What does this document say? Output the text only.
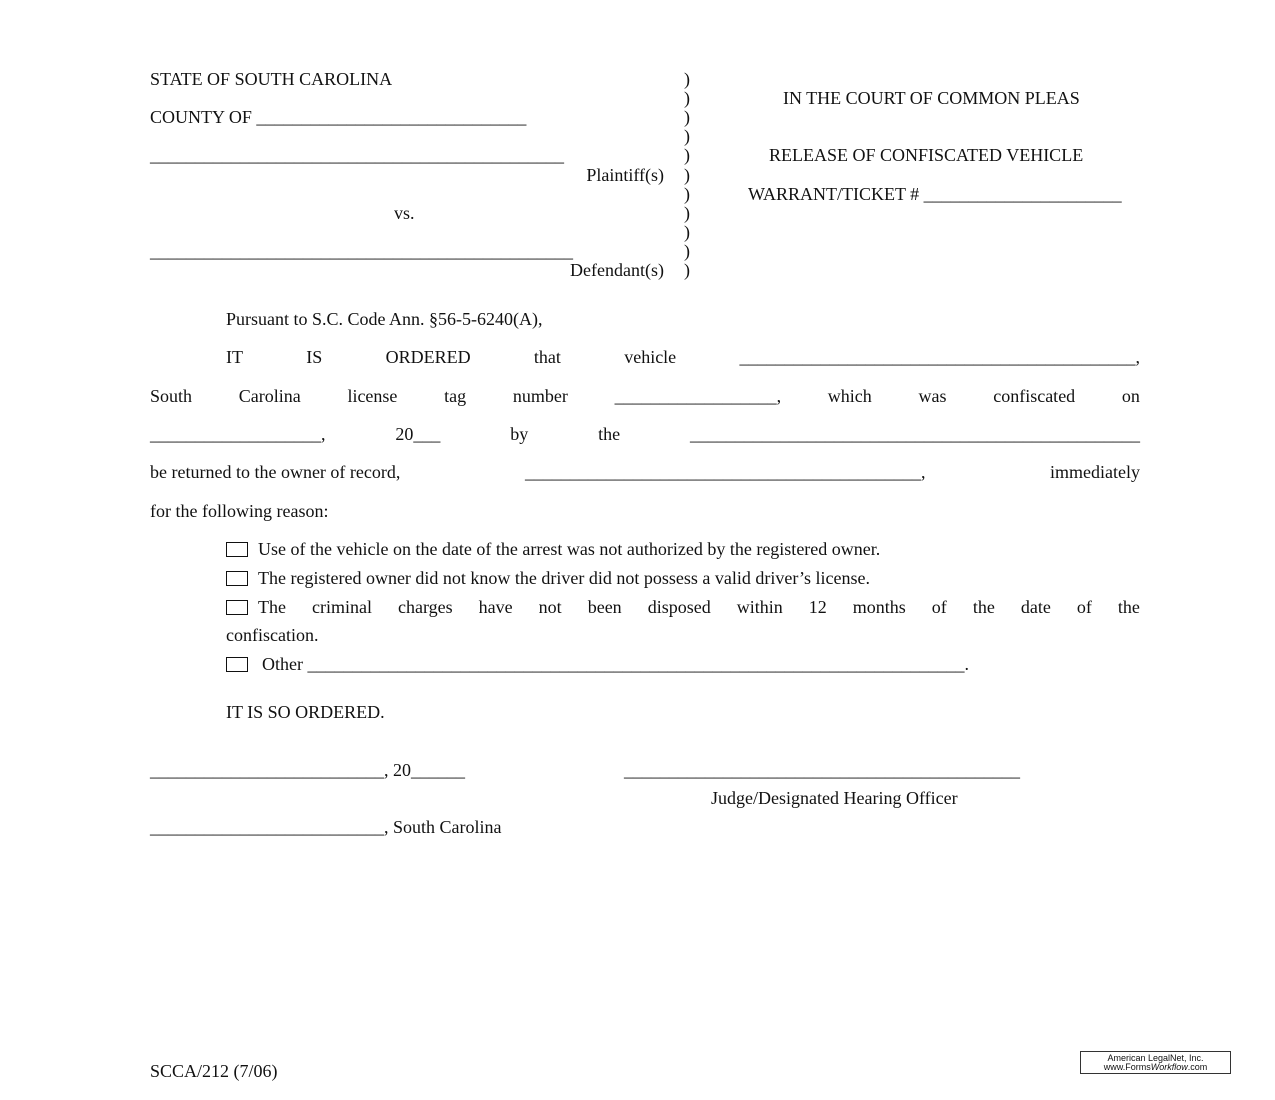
STATE OF SOUTH CAROLINA
COUNTY OF ______________________________
______________________________________________
Plaintiff(s)
vs.
_______________________________________________
Defendant(s)
)
)
)
)
)
)
)
)
)
)
)
IN THE COURT OF COMMON PLEAS
RELEASE OF CONFISCATED VEHICLE
WARRANT/TICKET # ______________________
Pursuant to S.C. Code Ann. §56-5-6240(A),
IT	IS	ORDERED	that	vehicle	____________________________________________,
South	Carolina	license	tag	number	__________________,	which	was	confiscated	on
___________________,	20___	by	the	__________________________________________________
be returned to the owner of record,	____________________________________________,	immediately
for the following reason:
Use of the vehicle on the date of the arrest was not authorized by the registered owner.
The registered owner did not know the driver did not possess a valid driver’s license.
The criminal charges have not been disposed within 12 months of the date of the
confiscation.
Other _________________________________________________________________________.
IT IS SO ORDERED.
__________________________, 20______	____________________________________________
Judge/Designated Hearing Officer
__________________________, South Carolina
SCCA/212 (7/06)
American LegalNet, Inc.
www.FormsWorkflow.com
